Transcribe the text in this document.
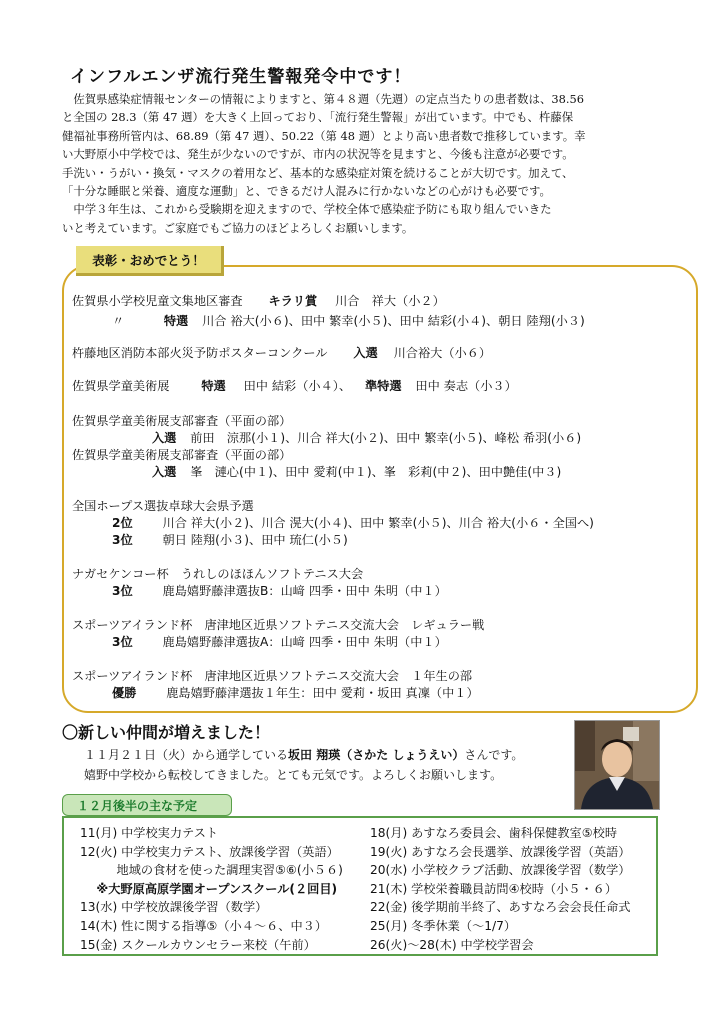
インフルエンザ流行発生警報発令中です！

　佐賀県感染症情報センターの情報によりますと、第４８週（先週）の定点当たりの患者数は、38.56

と全国の 28.3（第 47 週）を大きく上回っており、「流行発生警報」が出ています。中でも、杵藤保

健福祉事務所管内は、68.89（第 47 週）、50.22（第 48 週）とより高い患者数で推移しています。幸

い大野原小中学校では、発生が少ないのですが、市内の状況等を見ますと、今後も注意が必要です。

手洗い・うがい・換気・マスクの着用など、基本的な感染症対策を続けることが大切です。加えて、

「十分な睡眠と栄養、適度な運動」と、できるだけ人混みに行かないなどの心がけも必要です。

　中学３年生は、これから受験期を迎えますので、学校全体で感染症予防にも取り組んでいきた

いと考えています。ご家庭でもご協力のほどよろしくお願いします。

表彰・おめでとう！
佐賀県小学校児童文集地区審査 キラリ賞 川合　祥大（小２）
〃	特選 川合 裕大(小６)、田中 繁幸(小５)、田中 結彩(小４)、朝日 陸翔(小３)
杵藤地区消防本部火災予防ポスターコンクール 入選 川合裕大（小６）
佐賀県学童美術展	特選 田中 結彩（小４）、 準特選 田中 奏志（小３）
佐賀県学童美術展支部審査（平面の部）
入選 前田　涼那(小１)、川合 祥大(小２)、田中 繁幸(小５)、峰松 希羽(小６)
佐賀県学童美術展支部審査（平面の部）
入選 峯　漣心(中１)、田中 愛莉(中１)、峯　彩莉(中２)、田中艶佳(中３)
全国ホープス選抜卓球大会県予選
2位 川合 祥大(小２)、川合 滉大(小４)、田中 繁幸(小５)、川合 裕大(小６・全国へ)
3位 朝日 陸翔(小３)、田中 琉仁(小５)
ナガセケンコー杯　うれしのほほんソフトテニス大会
3位 鹿島嬉野藤津選抜B：山﨑 四季・田中 朱明（中１）
スポーツアイランド杯　唐津地区近県ソフトテニス交流大会　レギュラー戦
3位 鹿島嬉野藤津選抜A：山﨑 四季・田中 朱明（中１）
スポーツアイランド杯　唐津地区近県ソフトテニス交流大会　１年生の部
優勝 鹿島嬉野藤津選抜１年生：田中 愛莉・坂田 真凜（中１）
〇新しい仲間が増えました！
１１月２１日（火）から通学している坂田 翔瑛（さかた しょうえい）さんです。
嬉野中学校から転校してきました。とても元気です。よろしくお願いします。
１２月後半の主な予定
11(月) 中学校実力テスト
12(火) 中学校実力テスト、放課後学習（英語）
　　　地域の食材を使った調理実習⑤⑥(小５６)
　 ※大野原高原学園オープンスクール(２回目)
13(水) 中学校放課後学習（数学）
14(木) 性に関する指導⑤（小４～６、中３）
15(金) スクールカウンセラー来校（午前）
18(月) あすなろ委員会、歯科保健教室⑤校時
19(火) あすなろ会長選挙、放課後学習（英語）
20(水) 小学校クラブ活動、放課後学習（数学）
21(木) 学校栄養職員訪問④校時（小５・６）
22(金) 後学期前半終了、あすなろ会会長任命式
25(月) 冬季休業（～1/7）
26(火)～28(木) 中学校学習会
